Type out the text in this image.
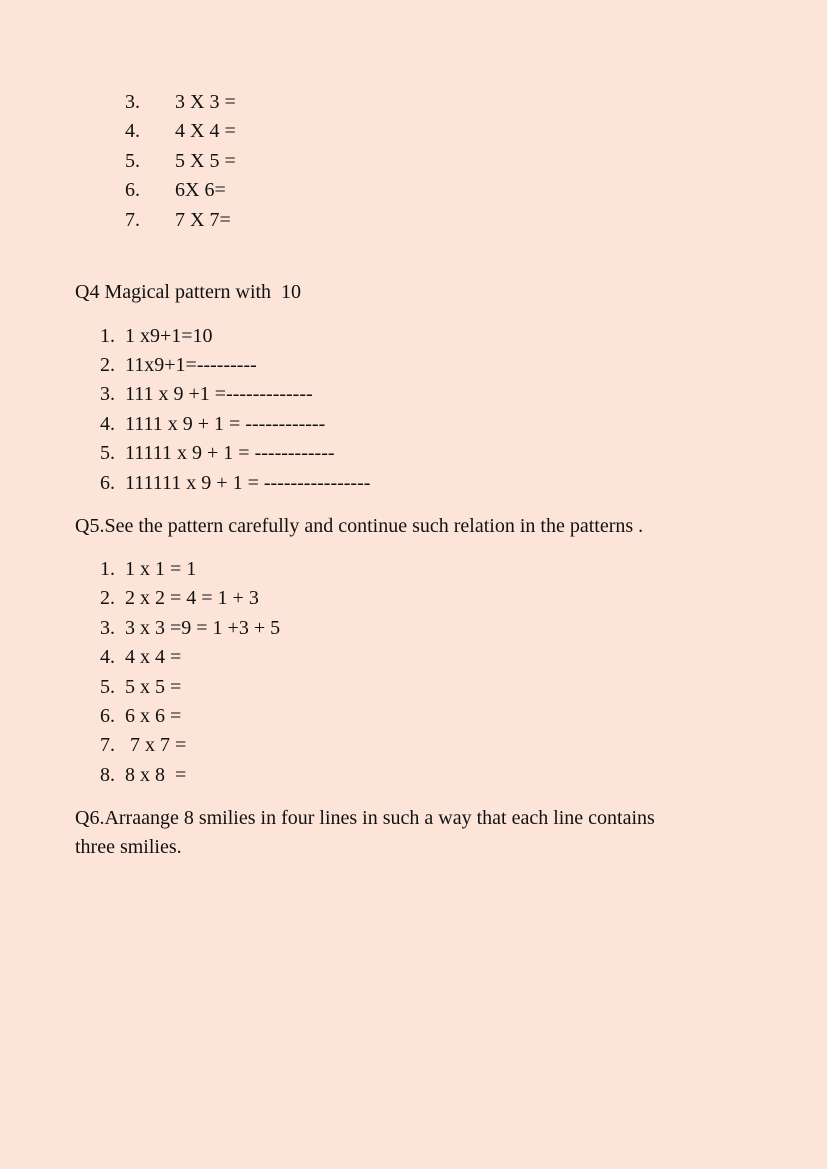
3. 3 X 3 =
4. 4 X 4 =
5. 5 X 5 =
6. 6X 6=
7. 7 X 7=
Q4 Magical pattern with  10
1. 1 x9+1=10
2. 11x9+1=---------
3. 111 x 9 +1 =-------------
4. 1111 x 9 + 1 = ------------
5. 11111 x 9 + 1 = ------------
6. 111111 x 9 + 1 = ----------------
Q5.See the pattern carefully and continue such relation in the patterns .
1. 1 x 1 = 1
2. 2 x 2 = 4 = 1 + 3
3. 3 x 3 =9 = 1 +3 + 5
4. 4 x 4 =
5. 5 x 5 =
6. 6 x 6 =
7. 7 x 7 =
8. 8 x 8  =
Q6.Arraange 8 smilies in four lines in such a way that each line contains
three smilies.
